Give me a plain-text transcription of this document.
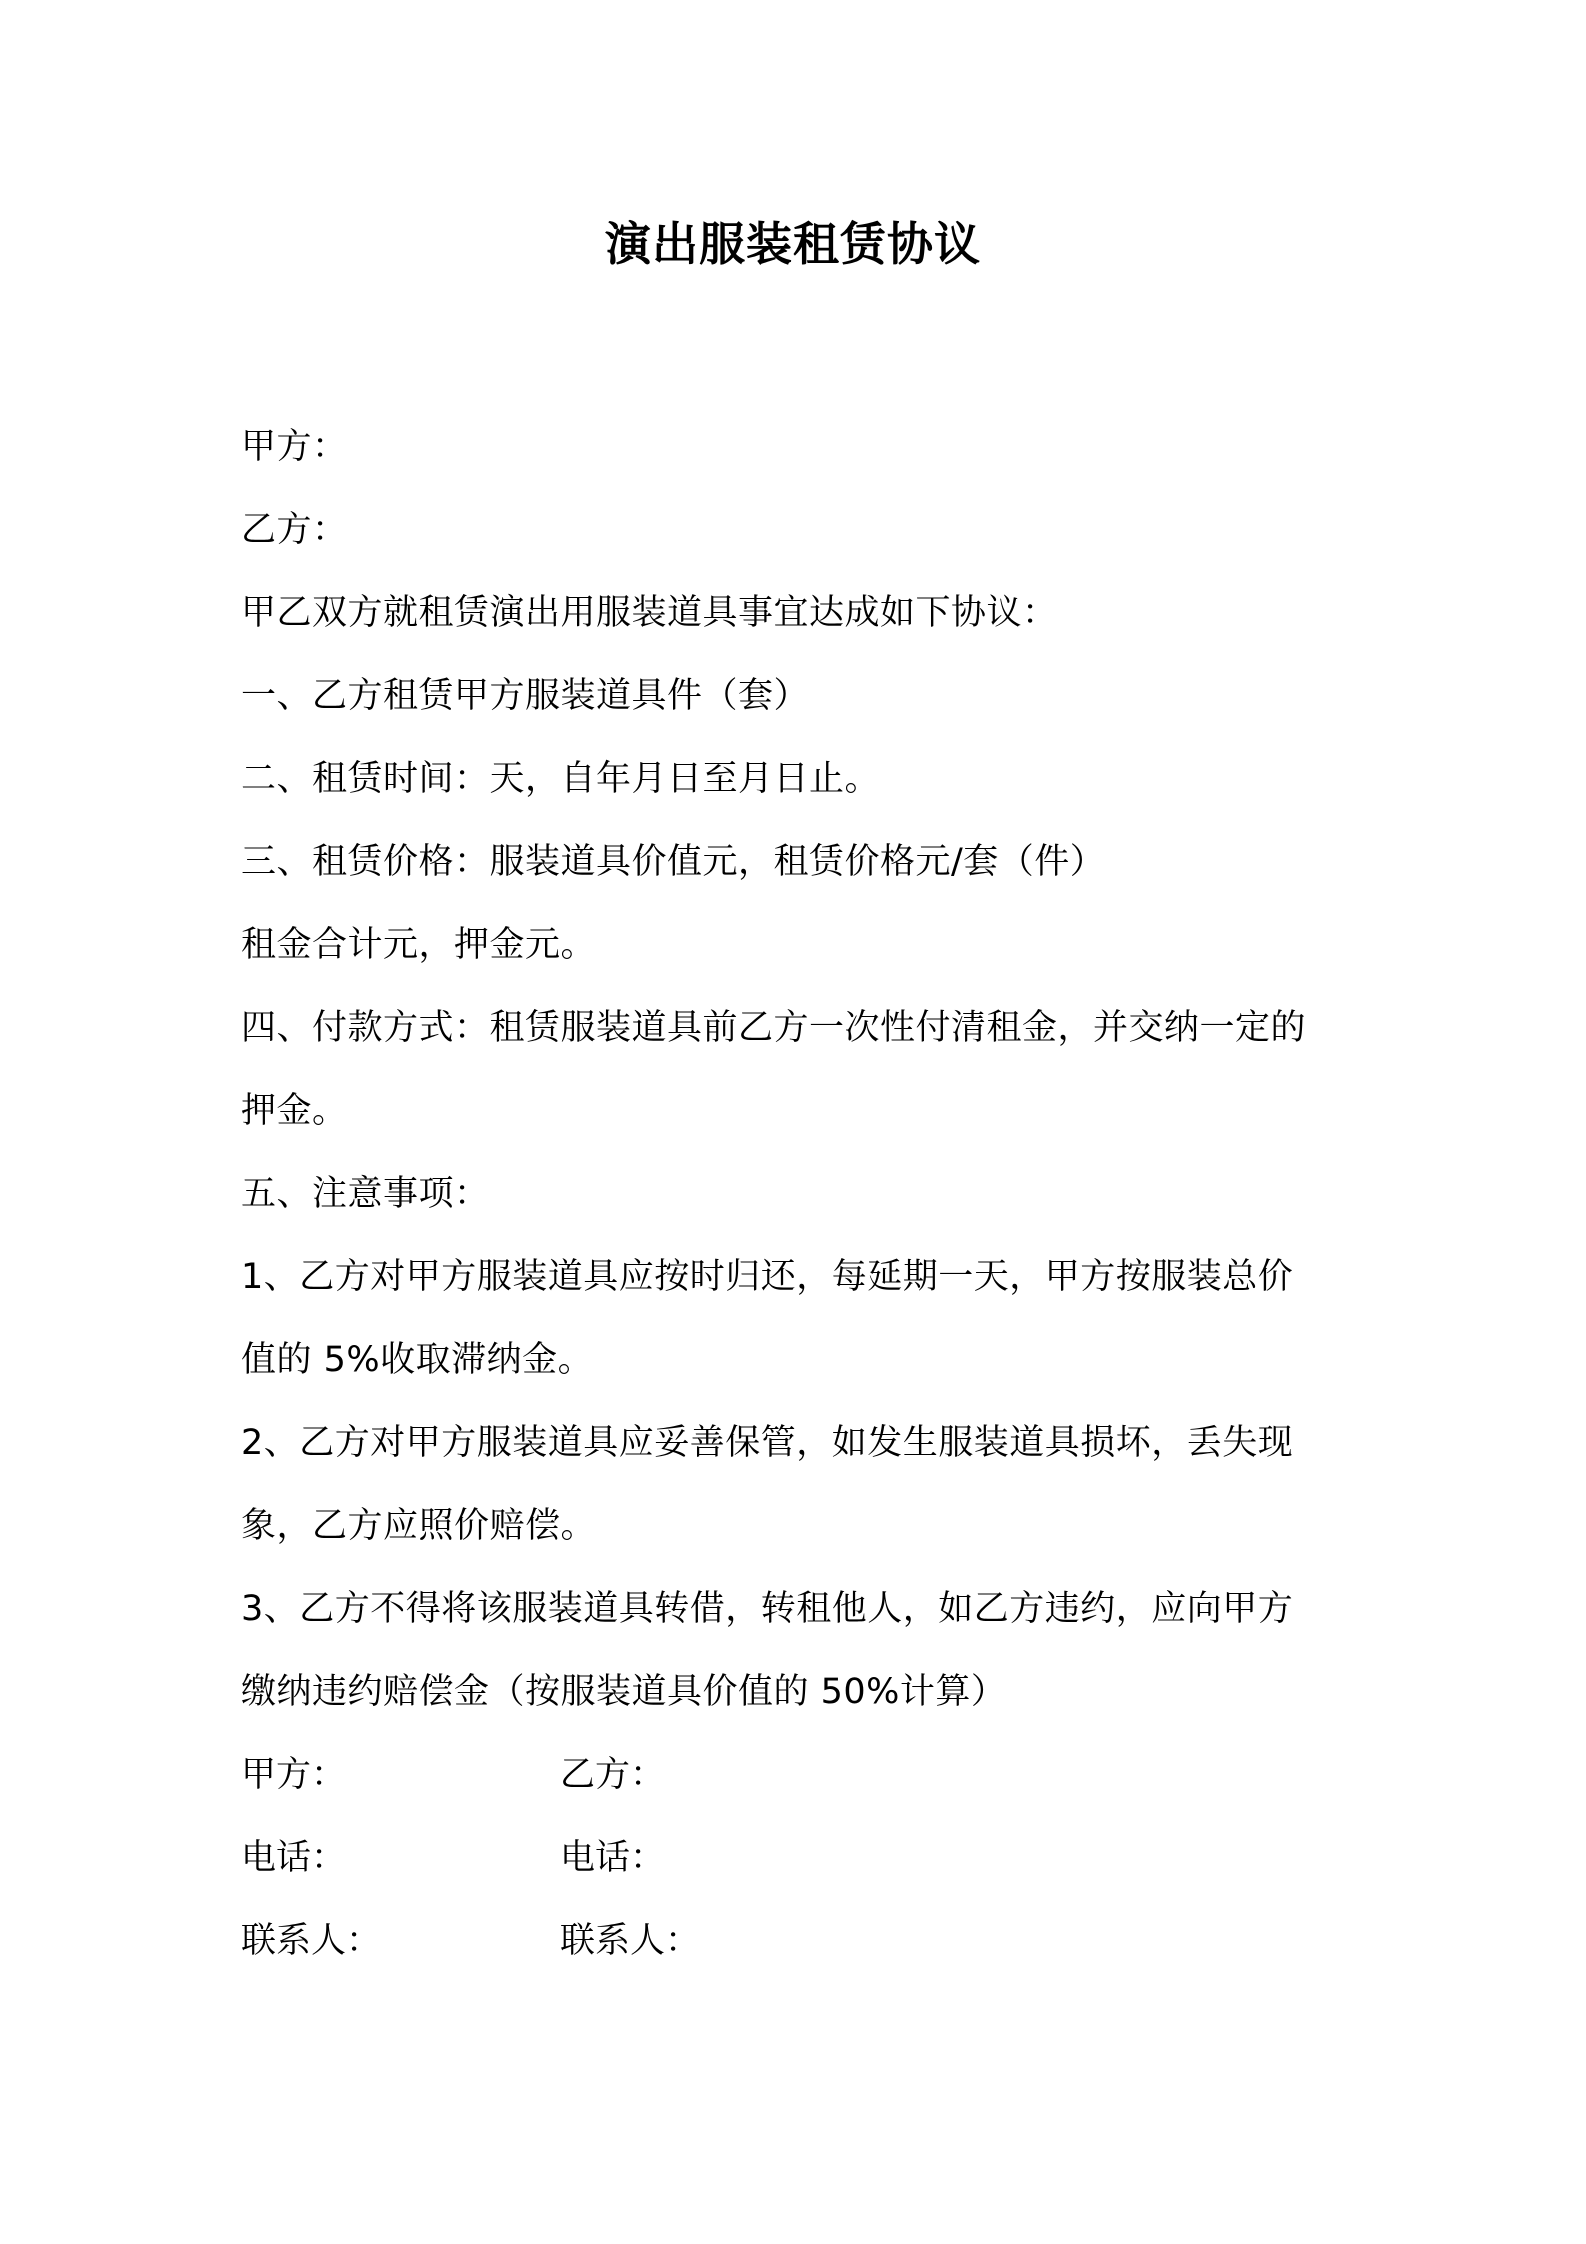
演出服装租赁协议
甲方：
乙方：
甲乙双方就租赁演出用服装道具事宜达成如下协议：
一、乙方租赁甲方服装道具件（套）
二、租赁时间：天，自年月日至月日止。
三、租赁价格：服装道具价值元，租赁价格元/套（件）
租金合计元，押金元。
四、付款方式：租赁服装道具前乙方一次性付清租金，并交纳一定的
押金。
五、注意事项：
1、乙方对甲方服装道具应按时归还，每延期一天，甲方按服装总价
值的 5%收取滞纳金。
2、乙方对甲方服装道具应妥善保管，如发生服装道具损坏，丢失现
象，乙方应照价赔偿。
3、乙方不得将该服装道具转借，转租他人，如乙方违约，应向甲方
缴纳违约赔偿金（按服装道具价值的 50%计算）
甲方：	乙方：
电话：	电话：
联系人：	联系人：
